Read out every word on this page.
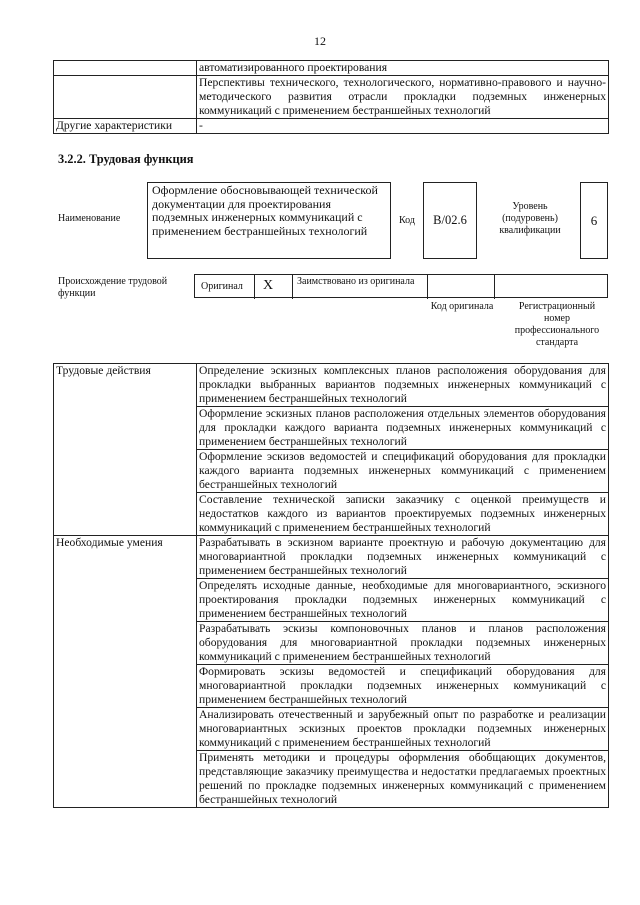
12
	автоматизированного проектирования
	Перспективы технического, технологического, нормативно-правового и научно-методического развития отрасли прокладки подземных инженерных коммуникаций с применением бестраншейных технологий
Другие характеристики	-
3.2.2. Трудовая функция
Наименование
Оформление обосновывающей технической документации для проектирования подземных инженерных коммуникаций с применением бестраншейных технологий
Код	B/02.6
Уровень (подуровень) квалификации
6
Происхождение трудовой функции
Оригинал X Заимствовано из оригинала
Код оригинала	Регистрационный номер профессионального стандарта
Трудовые действия	Определение эскизных комплексных планов расположения оборудования для прокладки выбранных вариантов подземных инженерных коммуникаций с применением бестраншейных технологий
	Оформление эскизных планов расположения отдельных элементов оборудования для прокладки каждого варианта подземных инженерных коммуникаций с применением бестраншейных технологий
	Оформление эскизов ведомостей и спецификаций оборудования для прокладки каждого варианта подземных инженерных коммуникаций с применением бестраншейных технологий
	Составление технической записки заказчику с оценкой преимуществ и недостатков каждого из вариантов проектируемых подземных инженерных коммуникаций с применением бестраншейных технологий
Необходимые умения	Разрабатывать в эскизном варианте проектную и рабочую документацию для многовариантной прокладки подземных инженерных коммуникаций с применением бестраншейных технологий
	Определять исходные данные, необходимые для многовариантного, эскизного проектирования прокладки подземных инженерных коммуникаций с применением бестраншейных технологий
	Разрабатывать эскизы компоновочных планов и планов расположения оборудования для многовариантной прокладки подземных инженерных коммуникаций с применением бестраншейных технологий
	Формировать эскизы ведомостей и спецификаций оборудования для многовариантной прокладки подземных инженерных коммуникаций с применением бестраншейных технологий
	Анализировать отечественный и зарубежный опыт по разработке и реализации многовариантных эскизных проектов прокладки подземных инженерных коммуникаций с применением бестраншейных технологий
	Применять методики и процедуры оформления обобщающих документов, представляющие заказчику преимущества и недостатки предлагаемых проектных решений по прокладке подземных инженерных коммуникаций с применением бестраншейных технологий
